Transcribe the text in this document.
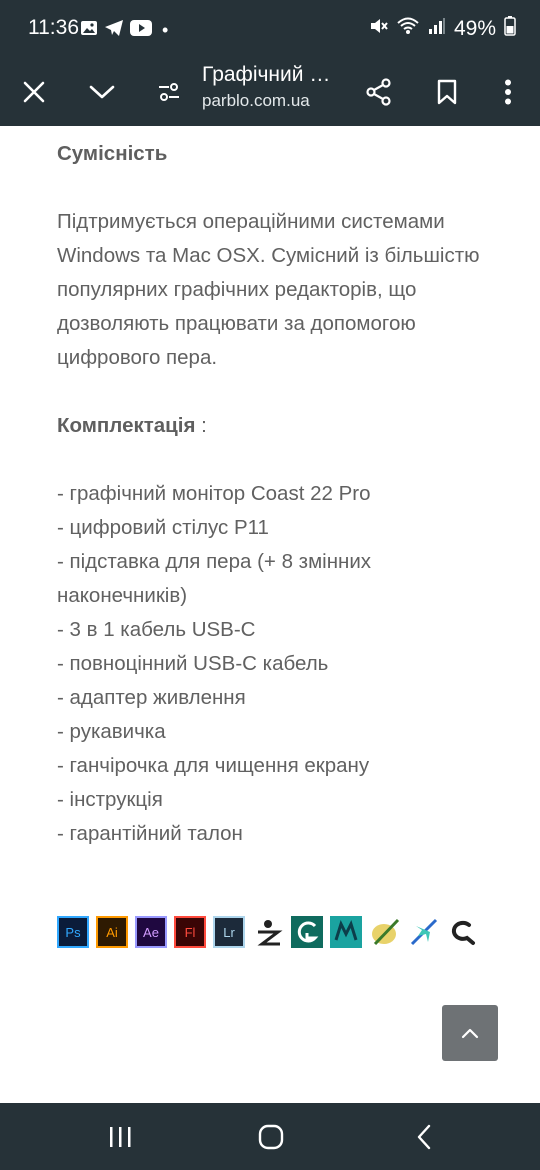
11:36	•	49%
Графічний …
parblo.com.ua

Сумісність

Підтримується операційними системами Windows та Mac OSX. Сумісний із більшістю популярних графічних редакторів, що дозволяють працювати за допомогою цифрового пера.

Комплектація :

- графічний монітор Coast 22 Pro
- цифровий стілус P11
- підставка для пера (+ 8 змінних наконечників)
- 3 в 1 кабель USB-C
- повноцінний USB-C кабель
- адаптер живлення
- рукавичка
- ганчірочка для чищення екрану
- інструкція
- гарантійний талон
Ps Ai Ae Fl Lr
